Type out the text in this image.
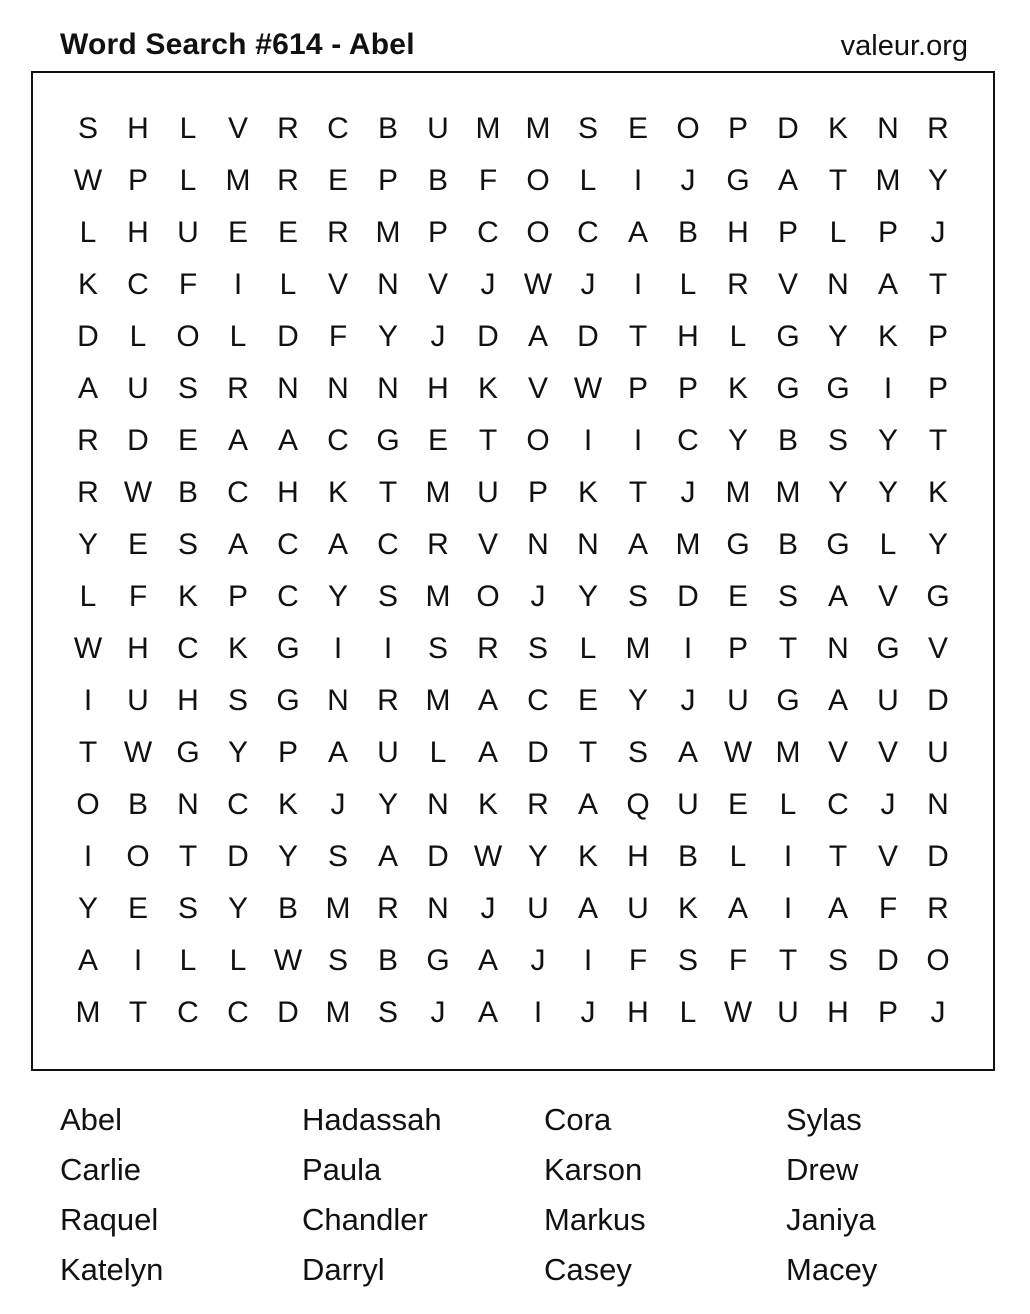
Word Search #614 - Abel	valeur.org
S H	L	V R C B U M M S E O P D K N R
W P	L M R E P B	F O L	I	J	G A	T M Y
L	H U E E R M P C O C A B H P	L	P	J
K C	F	I	L	V N V	J W J	I	L	R V N A	T
D	L O L	D	F	Y	J	D A D	T	H	L G Y K P
A U S R N N N H K V W P P K G G	I	P
R D E A A C G E	T O	I	I	C Y B S Y	T
R W B C H K	T M U P K	T	J	M M Y Y K
Y E S A C A C R V N N A M G B G L	Y
L	F	K P C Y S M O	J	Y S D E S A V G
W H C K G	I	I	S R S	L M	I	P	T	N G V
I	U H S G N R M A C E Y	J	U G A U D
T W G Y P A U	L	A D	T	S A W M V V U
O B N C K	J	Y N K R A Q U E	L	C	J	N
I	O T	D Y S A D W Y K H B	L	I	T	V D
Y E S Y B M R N	J	U A U K A	I	A	F	R
A	I	L	L W S B G A	J	I	F	S	F	T	S D O
M T	C C D M S	J	A	I	J	H	L W U H P	J
Abel	Hadassah	Cora	Sylas
Carlie	Paula	Karson	Drew
Raquel	Chandler	Markus	Janiya
Katelyn	Darryl	Casey	Macey
